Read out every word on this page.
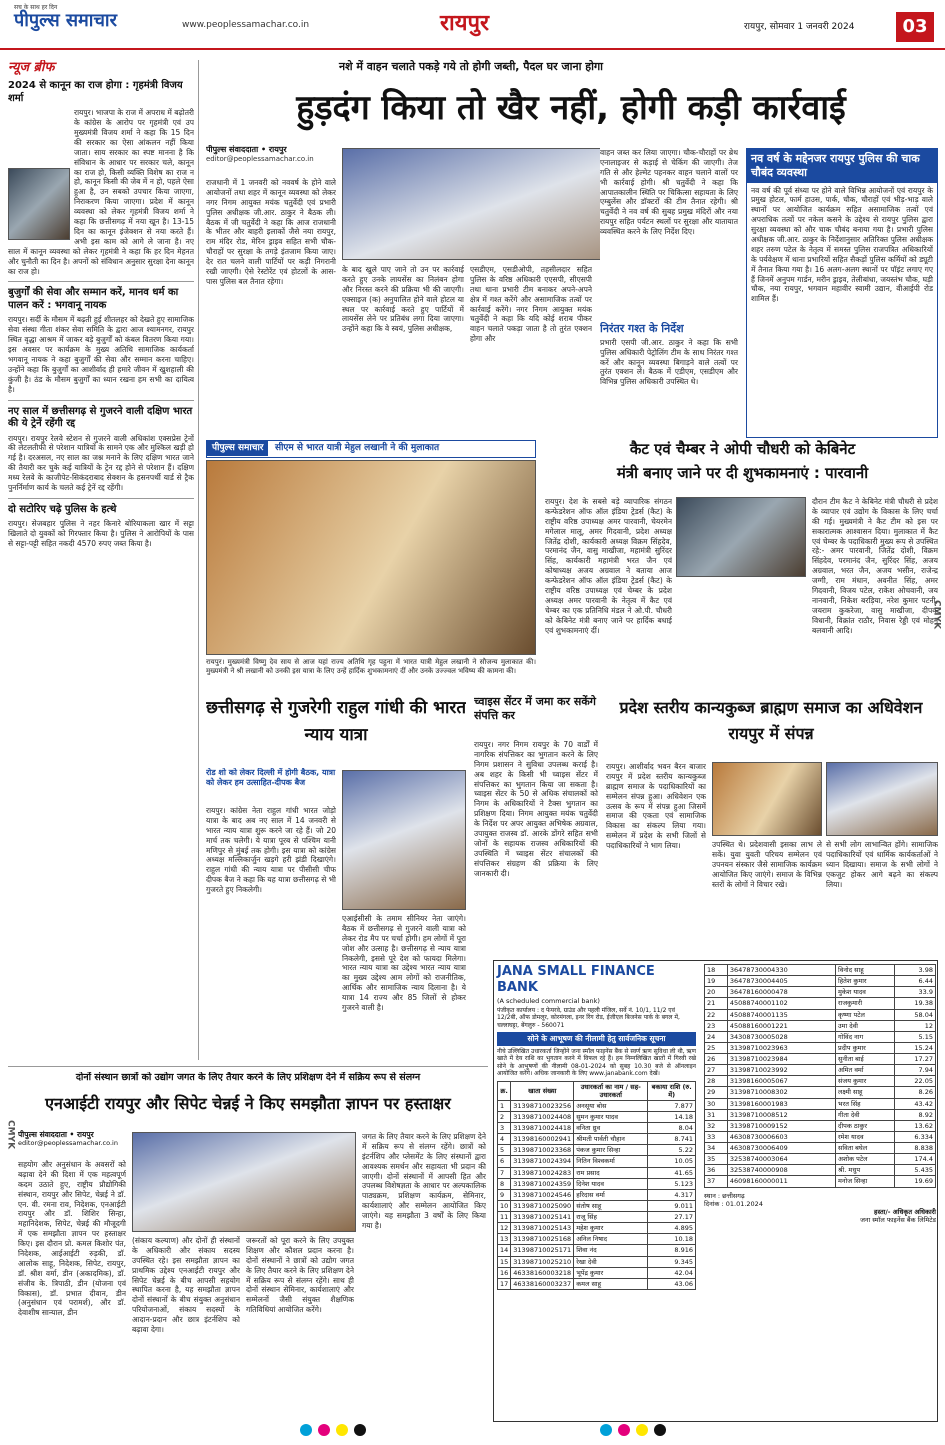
सच के साथ हर दिन
पीपुल्स समाचार	www.peoplessamachar.co.in	रायपुर	रायपुर, सोमवार 1 जनवरी 2024	03
न्यूज ब्रीफ
2024 से कानून का राज होगा : गृहमंत्री विजय शर्मा
रायपुर। भाजपा के राज में अपराध में बढ़ोतरी के कांग्रेस के आरोप पर गृहमंत्री एवं उप मुख्यमंत्री विजय शर्मा ने कहा कि 15 दिन की सरकार का ऐसा आंकलन नहीं किया जाता। साय सरकार का स्पष्ट मानना है कि संविधान के आधार पर सरकार चले, कानून का राज हो, किसी व्यक्ति विशेष का राज न हो, कानून किसी की जेब में न हो, पहले ऐसा हुआ है, उन सबको उपचार किया जाएगा, निराकरण किया जाएगा। प्रदेश में कानून व्यवस्था को लेकर गृहमंत्री विजय शर्मा ने कहा कि छत्तीसगढ़ में नया खून है। 13-15 दिन का कानून इंजेक्शन से नया करते हैं। अभी इस काम को आगे ले जाना है। नए साल में कानून व्यवस्था को लेकर गृहमंत्री ने कहा कि हर दिन मेहनत और चुनौती का दिन है। अपनों को संविधान अनुसार सुरक्षा देना कानून का राज हो।
बुजुर्गों की सेवा और सम्मान करें, मानव धर्म का पालन करें : भगवानू नायक
रायपुर। सर्दी के मौसम में बढ़ती हुई शीतलहर को देखते हुए सामाजिक सेवा संस्था गीता शंकर सेवा समिति के द्वारा आज श्यामनगर, रायपुर स्थित वृद्धा आश्रम में जाकर बड़े बुजुर्गों को कंबल वितरण किया गया। इस अवसर पर कार्यक्रम के मुख्य अतिथि सामाजिक कार्यकर्ता भगवानू नायक ने कहा बुजुर्गों की सेवा और सम्मान करना चाहिए। उन्होंने कहा कि बुजुर्गों का आशीर्वाद ही हमारे जीवन में खुशहाली की कुंजी है। ठंड के मौसम बुजुर्गों का ध्यान रखना हम सभी का दायित्व है।
नए साल में छत्तीसगढ़ से गुजरने वाली दक्षिण भारत की ये ट्रेनें रहेंगी रद्द
रायपुर। रायपुर रेलवे स्टेशन से गुजरने वाली अधिकांश एक्सप्रेस ट्रेनों की लेटलतीफी से परेशान यात्रियों के सामने एक और मुश्किल खड़ी हो गई है। दरअसल, नए साल का जश्न मनाने के लिए दक्षिण भारत जाने की तैयारी कर चुके कई यात्रियों के ट्रेन रद्द होने से परेशान हैं। दक्षिण मध्य रेलवे के काजीपेट-सिकंदराबाद सेक्शन के हसनपर्थी यार्ड से ट्रैक पुनर्निर्माण कार्य के चलते कई ट्रेनें रद्द रहेंगी।
दो सटोरिए चढ़े पुलिस के हत्थे
रायपुर। सेजबहार पुलिस ने नहर किनारे बोरियाकला खार में सट्टा खिलाते दो युवकों को गिरफ्तार किया है। पुलिस ने आरोपियों के पास से सट्टा-पट्टी सहित नकदी 4570 रुपए जब्त किया है।
नशे में वाहन चलाते पकड़े गये तो होगी जब्ती, पैदल घर जाना होगा
हुड़दंग किया तो खैर नहीं, होगी कड़ी कार्रवाई
पीपुल्स संवाददाता • रायपुर
editor@peoplessamachar.co.in
राजधानी में 1 जनवरी को नववर्ष के होने वाले आयोजनों तथा शहर में कानून व्यवस्था को लेकर नगर निगम आयुक्त मयंक चतुर्वेदी एवं प्रभारी पुलिस अधीक्षक जी.आर. ठाकुर ने बैठक ली। बैठक में जी चतुर्वेदी ने कहा कि आज राजधानी के भीतर और बाहरी इलाकों जैसे नया रायपुर, राम मंदिर रोड, मेरिन ड्राइव सहित सभी चौक-चौराहों पर सुरक्षा के तगड़े इंतजाम किया जाए। देर रात चलने वाली पार्टियों पर कड़ी निगरानी रखी जाएगी। ऐसे रेस्टोरेंट एवं होटलों के आस-पास पुलिस बल तैनात रहेगा।
के बाद खुले पाए जाने तो उन पर कार्रवाई करते हुए उनके लायसेंस का निलंबन होगा और निरस्त करने की प्रक्रिया भी की जाएगी। एक्साइज (क) अनुपालित होने वाले होटल या स्थल पर कार्रवाई करते हुए पार्टियों में लायसेंस लेने पर प्रतिबंध लगा दिया जाएगा। उन्होंने कहा कि वे स्वयं, पुलिस अधीक्षक,
एसडीएम, एसडीओपी, तहसीलदार सहित पुलिस के वरिष्ठ अधिकारी एएसपी, सीएसपी तथा थाना प्रभारी टीम बनाकर अपने-अपने क्षेत्र में गश्त करेंगे और असामाजिक तत्वों पर कार्रवाई करेंगे। नगर निगम आयुक्त मयंक चतुर्वेदी ने कहा कि यदि कोई शराब पीकर वाहन चलाते पकड़ा जाता है तो तुरंत एक्शन होगा और
वाहन जब्त कर लिया जाएगा। चौक-चौराहों पर ब्रेथ एनालाइजर से कड़ाई से चेकिंग की जाएगी। तेज गति से और हेल्मेट पहनकर वाहन चलाने वालों पर भी कार्रवाई होगी। श्री चतुर्वेदी ने कहा कि आपातकालीन स्थिति पर चिकित्सा सहायता के लिए एम्बुलेंस और डॉक्टरों की टीम तैनात रहेगी। श्री चतुर्वेदी ने नव वर्ष की सुबह प्रमुख मंदिरों और नया रायपुर सहित पर्यटन स्थलों पर सुरक्षा और यातायात व्यवस्थित करने के लिए निर्देश दिए।
निरंतर गश्त के निर्देश
प्रभारी एसपी जी.आर. ठाकुर ने कहा कि सभी पुलिस अधिकारी पेट्रोलिंग टीम के साथ निरंतर गश्त करें और कानून व्यवस्था बिगाड़ने वाले तत्वों पर तुरंत एक्शन लें। बैठक में एडीएम, एसडीएम और विभिन्न पुलिस अधिकारी उपस्थित थे।
नव वर्ष के मद्देनजर रायपुर पुलिस की चाक चौबंद व्यवस्था
नव वर्ष की पूर्व संध्या पर होने वाले विभिन्न आयोजनों एवं रायपुर के प्रमुख होटल, फार्म हाउस, पार्क, चौक, चौराहों एवं भीड़-भाड़ वाले स्थानों पर आयोजित कार्यक्रम सहित असामाजिक तत्वों एवं अपराधिक तत्वों पर नकेल कसने के उद्देश्य से रायपुर पुलिस द्वारा सुरक्षा व्यवस्था को और चाक चौबंद बनाया गया है। प्रभारी पुलिस अधीक्षक जी.आर. ठाकुर के निर्देशानुसार अतिरिक्त पुलिस अधीक्षक शहर तरुण पटेल के नेतृत्व में समस्त पुलिस राजपत्रित अधिकारियों के पर्यवेक्षण में थाना प्रभारियों सहित सैकड़ों पुलिस कर्मियों को ड्यूटी में तैनात किया गया है। 16 अलग-अलग स्थानों पर पॉइंट लगाए गए हैं जिनमें अनुपम गार्डन, मरीन ड्राइव, तेलीबांधा, जयस्तंभ चौक, घड़ी चौक, नया रायपुर, भगवान महावीर स्वामी उद्यान, वीआईपी रोड शामिल हैं।
पीपुल्स समाचार सीएम से भारत यात्री मेहुल लखानी ने की मुलाकात
रायपुर। मुख्यमंत्री विष्णु देव साय से आज यहां राज्य अतिथि गृह पहुना में भारत यात्री मेहुल लखानी ने सौजन्य मुलाकात की। मुख्यमंत्री ने श्री लखानी को उनकी इस यात्रा के लिए उन्हें हार्दिक शुभकामनाएं दीं और उनके उज्ज्वल भविष्य की कामना की।
कैट एवं चैम्बर ने ओपी चौधरी को केबिनेट
मंत्री बनाए जाने पर दी शुभकामनाएं : पारवानी
रायपुर। देश के सबसे बड़े व्यापारिक संगठन कन्फेडरेशन ऑफ ऑल इंडिया ट्रेडर्स (कैट) के राष्ट्रीय वरिष्ठ उपाध्यक्ष अमर पारवानी, चेयरमेन मगेलाल मालू, अमर गिदवानी, प्रदेश अध्यक्ष जितेंद्र दोशी, कार्यकारी अध्यक्ष विक्रम सिंहदेव, परमानंद जैन, वासु माखीजा, महामंत्री सुरिंदर सिंह, कार्यकारी महामंत्री भरत जैन एवं कोषाध्यक्ष अजय अग्रवाल ने बताया आज कन्फेडरेशन ऑफ ऑल इंडिया ट्रेडर्स (कैट) के राष्ट्रीय वरिष्ठ उपाध्यक्ष एवं चेम्बर के प्रदेश अध्यक्ष अमर पारवानी के नेतृत्व में कैट एवं चेम्बर का एक प्रतिनिधि मंडल ने ओ.पी. चौधरी को केबिनेट मंत्री बनाए जाने पर हार्दिक बधाई एवं शुभकामनाएं दीं।
दौरान टीम कैट ने केबिनेट मंत्री चौधरी से प्रदेश के व्यापार एवं उद्योग के विकास के लिए चर्चा की गई। मुख्यमंत्री ने कैट टीम को इस पर सकारात्मक आश्वासन दिया। मुलाकात में कैट एवं चेम्बर के पदाधिकारी मुख्य रूप से उपस्थित रहे:- अमर पारवानी, जितेंद्र दोशी, विक्रम सिंहदेव, परमानंद जैन, सुरिंदर सिंह, अजय अग्रवाल, भरत जैन, अजय भसीन, राजेन्द्र जग्गी, राम मंधान, अवनीत सिंह, अमर गिदवानी, विजय पटेल, राकेश ओचवानी, जय नानवानी, निकेश बरड़िया, नरेश कुमार पटनी, जयराम कुकरेजा, वासु माखीजा, दीपक विधानी, विक्रांत राठौर, निवास रेड्डी एवं मोहन बलवानी आदि।
छत्तीसगढ़ से गुजरेगी राहुल गांधी की भारत न्याय यात्रा
रोड शो को लेकर दिल्ली में होगी बैठक, यात्रा को लेकर हम उत्साहित-दीपक बैज
रायपुर। कांग्रेस नेता राहुल गांधी भारत जोड़ो यात्रा के बाद अब नए साल में 14 जनवरी से भारत न्याय यात्रा शुरू करने जा रहे हैं। जो 20 मार्च तक चलेगी। ये यात्रा पूरब से पश्चिम यानी मणिपुर से मुंबई तक होगी। इस यात्रा को कांग्रेस अध्यक्ष मल्लिकार्जुन खड़गे हरी झंडी दिखाएंगे। राहुल गांधी की न्याय यात्रा पर पीसीसी चीफ दीपक बैज ने कहा कि यह यात्रा छत्तीसगढ़ से भी गुजरते हुए निकलेगी।
एआईसीसी के तमाम सीनियर नेता जाएंगे। बैठक में छत्तीसगढ़ से गुजरने वाली यात्रा को लेकर रोड मैप पर चर्चा होगी। हम लोगों में पूरा जोश और उत्साह है। छत्तीसगढ़ से न्याय यात्रा निकलेगी, इससे पूरे देश को फायदा मिलेगा। भारत न्याय यात्रा का उद्देश्य भारत न्याय यात्रा का मुख्य उद्देश्य आम लोगों को राजनीतिक, आर्थिक और सामाजिक न्याय दिलाना है। ये यात्रा 14 राज्य और 85 जिलों से होकर गुजरने वाली है।
च्वाइस सेंटर में जमा कर सकेंगे संपत्ति कर
रायपुर। नगर निगम रायपुर के 70 वार्डों में नागरिक संपत्तिकर का भुगतान करने के लिए निगम प्रशासन ने सुविधा उपलब्ध कराई है। अब शहर के किसी भी च्वाइस सेंटर में संपत्तिकर का भुगतान किया जा सकता है। च्वाइस सेंटर के 50 से अधिक संचालकों को निगम के अधिकारियों ने टैक्स भुगतान का प्रशिक्षण दिया। निगम आयुक्त मयंक चतुर्वेदी के निर्देश पर अपर आयुक्त अभिषेक अग्रवाल, उपायुक्त राजस्व डॉ. आरके डोंगरे सहित सभी जोनों के सहायक राजस्व अधिकारियों की उपस्थिति में च्वाइस सेंटर संचालकों की संपत्तिकर संग्रहण की प्रक्रिया के लिए जानकारी दी।
प्रदेश स्तरीय कान्यकुब्ज ब्राह्मण समाज का अधिवेशन रायपुर में संपन्न
रायपुर। आशीर्वाद भवन बैरन बाजार रायपुर में प्रदेश स्तरीय कान्यकुब्ज ब्राह्मण समाज के पदाधिकारियों का सम्मेलन संपन्न हुआ। अधिवेशन एक उत्सव के रूप में संपन्न हुआ जिसमें समाज की एकता एवं सामाजिक विकास का संकल्प लिया गया। सम्मेलन में प्रदेश के सभी जिलों से पदाधिकारियों ने भाग लिया।	उपस्थित थे। प्रदेशवासी इसका लाभ ले सकें। युवा युवती परिचय सम्मेलन एवं उपनयन संस्कार जैसे सामाजिक कार्यक्रम आयोजित किए जाएंगे। समाज के विभिन्न स्तरों के लोगों ने विचार रखे।
से सभी लोग लाभान्वित होंगे। सामाजिक पदाधिकारियों एवं धार्मिक कार्यकर्ताओं ने ध्यान दिखाया। समाज के सभी लोगों ने एकजुट होकर आगे बढ़ने का संकल्प लिया।
दोनों संस्थान छात्रों को उद्योग जगत के लिए तैयार करने के लिए प्रशिक्षण देने में सक्रिय रूप से संलग्न
एनआईटी रायपुर और सिपेट चेन्नई ने किए समझौता ज्ञापन पर हस्ताक्षर
पीपुल्स संवाददाता • रायपुर
editor@peoplessamachar.co.in
सहयोग और अनुसंधान के अवसरों को बढ़ावा देने की दिशा में एक महत्वपूर्ण कदम उठाते हुए, राष्ट्रीय प्रौद्योगिकी संस्थान, रायपुर और सिपेट, चेन्नई ने डॉ. एन. वी. रमना राव, निदेशक, एनआईटी रायपुर और डॉ. शिशिर सिन्हा, महानिदेशक, सिपेट, चेन्नई की मौजूदगी में एक समझौता ज्ञापन पर हस्ताक्षर किए। इस दौरान प्रो. कमल किशोर पंत, निदेशक, आईआईटी रुड़की, डॉ. आलोक साहू, निदेशक, सिपेट, रायपुर, डॉ. श्रीश वर्मा, डीन (अकादमिक), डॉ. संजीव के. त्रिपाठी, डीन (योजना एवं विकास), डॉ. प्रभात दीवान, डीन (अनुसंधान एवं परामर्श), और डॉ. देवाशीष सान्याल, डीन
(संकाय कल्याण) और दोनों ही संस्थानों के अधिकारी और संकाय सदस्य उपस्थित रहे। इस समझौता ज्ञापन का प्राथमिक उद्देश्य एनआईटी रायपुर और सिपेट चेन्नई के बीच आपसी सहयोग स्थापित करना है, यह समझौता ज्ञापन दोनों संस्थानों के बीच संयुक्त अनुसंधान परियोजनाओं, संकाय सदस्यों के आदान-प्रदान और छात्र इंटर्नशिप को बढ़ावा देगा।
जरूरतों को पूरा करने के लिए उपयुक्त शिक्षण और कौशल प्रदान करना है। दोनों संस्थानों ने छात्रों को उद्योग जगत के लिए तैयार करने के लिए प्रशिक्षण देने में सक्रिय रूप से संलग्न रहेंगे। साथ ही दोनों संस्थान सेमिनार, कार्यशालाएं और सम्मेलनों जैसी संयुक्त शैक्षणिक गतिविधियां आयोजित करेंगे।
जगत के लिए तैयार करने के लिए प्रशिक्षण देने में सक्रिय रूप से संलग्न रहेंगे। छात्रों को इंटर्नशिप और प्लेसमेंट के लिए संस्थानों द्वारा आवश्यक समर्थन और सहायता भी प्रदान की जाएगी। दोनों संस्थानों में आपसी हित और उपलब्ध विशेषज्ञता के आधार पर अल्पकालिक पाठ्यक्रम, प्रशिक्षण कार्यक्रम, सेमिनार, कार्यशालाएं और सम्मेलन आयोजित किए जाएंगे। यह समझौता 3 वर्षों के लिए किया गया है।
JANA SMALL FINANCE BANK
(A scheduled commercial bank)
पंजीकृत कार्यालय : द फेयरवे, ग्राउंड और पहली मंजिल, सर्वे नं. 10/1, 11/2 एवं 12/2बी, ऑफ डोमलूर, कोरमंगला, इनर रिंग रोड, ईजीएल बिजनेस पार्क के बगल में, चल्लाघट्टा, बेंगलुरु - 560071
सोने के आभूषण की नीलामी हेतु सार्वजनिक सूचना
नीचे उल्लिखित उधारकर्ता जिन्होंने जना स्मॉल फाइनेंस बैंक से स्वर्ण ऋण सुविधा ली थी, ऋण खाते में देय राशि का भुगतान करने में विफल रहे हैं। हम निम्नलिखित खातों में गिरवी रखे सोने के आभूषणों की नीलामी 08-01-2024 को सुबह 10.30 बजे से ऑनलाइन आयोजित करेंगे। अधिक जानकारी के लिए www.janabank.com देखें।
क्र.	खाता संख्या	उधारकर्ता का नाम / सह-उधारकर्ता	बकाया राशि (रु. में)
1	31398710023256	अनसूया बोस	7.877
2	31398710024408	सुमन कुमार यादव	14.18
3	31398710024418	वनिता ध्रुव	8.04
4	31398160002941	श्रीमती पार्वती चौहान	8.741
5	31398710023368	पंकज कुमार सिन्हा	5.22
6	31398710024394	नितिन विश्वकर्मा	10.05
7	31398710024283	राम प्रसाद	41.65
8	31398710024359	दिनेश यादव	5.123
9	31398710024546	हरिदास वर्मा	4.317
10	31398710025090	संतोष साहू	9.011
11	31398710025141	राजू सिंह	27.17
12	31398710025143	महेश कुमार	4.895
13	31398710025168	अनिल निषाद	10.18
14	31398710025171	शिवा नंद	8.916
15	31398710025210	रेखा देवी	9.345
16	46338160003218	भूपेंद्र कुमार	42.04
17	46338160003237	कमल साहू	43.06
18	36478730004330	विनोद साहू	3.98
19	36478730004405	हितेश कुमार	6.44
20	36478160000478	मुकेश यादव	33.9
21	45088740001102	राजकुमारी	19.38
22	45088740001135	कृष्णा पटेल	58.04
23	45088160001221	उमा देवी	12
24	34308730005028	गोविंद नाग	5.15
25	31398710023963	प्रदीप कुमार	15.24
26	31398710023984	सुनीता बाई	17.27
27	31398710023992	अमित वर्मा	7.94
28	31398160005067	संजय कुमार	22.05
29	31398710008302	लक्ष्मी साहू	8.26
30	31398160001983	भरत सिंह	43.42
31	31398710008512	गीता देवी	8.92
32	31398710009152	दीपक ठाकुर	13.62
33	46308730006603	रमेश यादव	6.334
34	46308730006409	सविता बघेल	8.838
35	32538740003064	अशोक पटेल	174.4
36	32538740000908	श्री. मधुप	5.435
37	46098160000011	मनोज सिन्हा	19.69
स्थान : छत्तीसगढ़
दिनांक : 01.01.2024
हस्ता/- अधिकृत अधिकारी
जना स्मॉल फाइनेंस बैंक लिमिटेड
CMYK
CMYK
